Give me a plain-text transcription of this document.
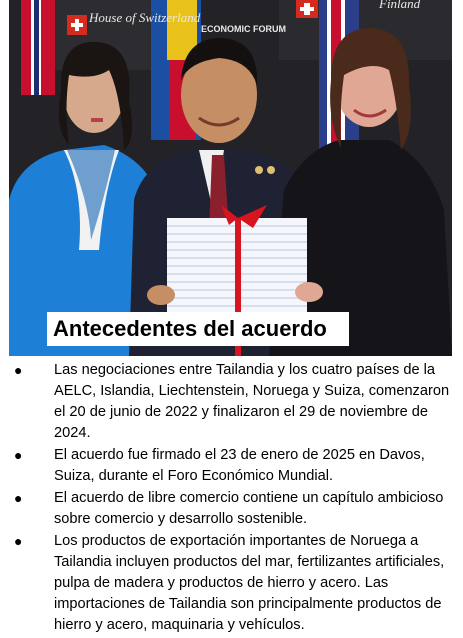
House of Switzerland
ECONOMIC FORUM
Finland
Antecedentes del acuerdo
● Las negociaciones entre Tailandia y los cuatro países de la AELC, Islandia, Liechtenstein, Noruega y Suiza, comenzaron el 20 de junio de 2022 y finalizaron el 29 de noviembre de 2024.
● El acuerdo fue firmado el 23 de enero de 2025 en Davos, Suiza, durante el Foro Económico Mundial.
● El acuerdo de libre comercio contiene un capítulo ambicioso sobre comercio y desarrollo sostenible.
● Los productos de exportación importantes de Noruega a Tailandia incluyen productos del mar, fertilizantes artificiales, pulpa de madera y productos de hierro y acero. Las importaciones de Tailandia son principalmente productos de hierro y acero, maquinaria y vehículos.
